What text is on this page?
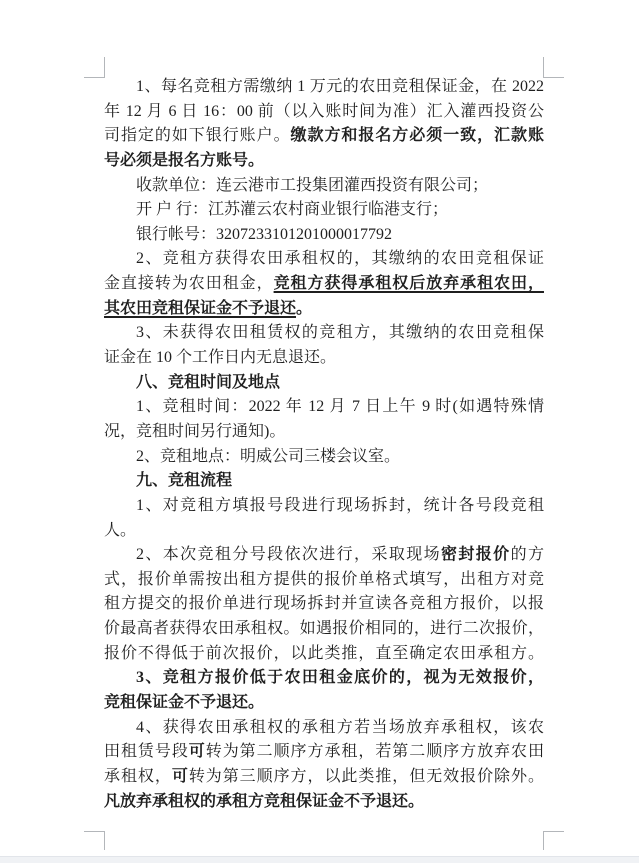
1、每名竞租方需缴纳 1 万元的农田竞租保证金，在 2022
年 12 月 6 日 16：00 前（以入账时间为准）汇入灌西投资公
司指定的如下银行账户。缴款方和报名方必须一致，汇款账
号必须是报名方账号。
收款单位：连云港市工投集团灌西投资有限公司；
开 户 行：江苏灌云农村商业银行临港支行；
银行帐号：3207233101201000017792
2、竞租方获得农田承租权的，其缴纳的农田竞租保证
金直接转为农田租金，竞租方获得承租权后放弃承租农田，
其农田竞租保证金不予退还。
3、未获得农田租赁权的竞租方，其缴纳的农田竞租保
证金在 10 个工作日内无息退还。
八、竞租时间及地点
1、竞租时间：2022 年 12 月 7 日上午 9 时(如遇特殊情
况，竞租时间另行通知)。
2、竞租地点：明威公司三楼会议室。
九、竞租流程
1、对竞租方填报号段进行现场拆封，统计各号段竞租
人。
2、本次竞租分号段依次进行，采取现场密封报价的方
式，报价单需按出租方提供的报价单格式填写，出租方对竞
租方提交的报价单进行现场拆封并宣读各竞租方报价，以报
价最高者获得农田承租权。如遇报价相同的，进行二次报价，
报价不得低于前次报价，以此类推，直至确定农田承租方。
3、竞租方报价低于农田租金底价的，视为无效报价，
竞租保证金不予退还。
4、获得农田承租权的承租方若当场放弃承租权，该农
田租赁号段可转为第二顺序方承租，若第二顺序方放弃农田
承租权，可转为第三顺序方，以此类推，但无效报价除外。
凡放弃承租权的承租方竞租保证金不予退还。
